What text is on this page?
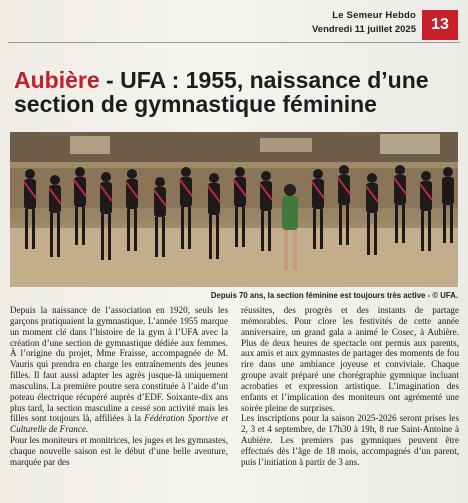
Le Semeur Hebdo
Vendredi 11 juillet 2025 13
Aubière - UFA : 1955, naissance d’une section de gymnastique féminine
Depuis 70 ans, la section féminine est toujours très active - © UFA.

Depuis la naissance de l’association en 1920, seuls les garçons pratiquaient la gymnastique. L’année 1955 marque un moment clé dans l’histoire de la gym à l’UFA avec la création d’une section de gymnastique dédiée aux femmes. À l’origine du projet, Mme Fraisse, accompagnée de M. Vauris qui prendra en charge les entraînements des jeunes filles. Il faut aussi adapter les agrès jusque-là uniquement masculins. La première poutre sera constituée à l’aide d’un poteau électrique récupéré auprès d’EDF. Soixante-dix ans plus tard, la section masculine a cessé son activité mais les filles sont toujours là, affiliées à la Fédération Sportive et Culturelle de France.

Pour les moniteurs et monitrices, les juges et les gymnastes, chaque nouvelle saison est le début d’une belle aventure, marquée par des

réussites, des progrès et des instants de partage mémorables. Pour clore les festivités de cette année anniversaire, un grand gala a animé le Cosec, à Aubière. Plus de deux heures de spectacle ont permis aux parents, aux amis et aux gymnastes de partager des moments de fou rire dans une ambiance joyeuse et conviviale. Chaque groupe avait préparé une chorégraphie gymnique incluant acrobaties et expression artistique. L’imagination des enfants et l’implication des moniteurs ont agrémenté une soirée pleine de surprises.

Les inscriptions pour la saison 2025-2026 seront prises les 2, 3 et 4 septembre, de 17h30 à 19h, 8 rue Saint-Antoine à Aubière. Les premiers pas gymniques peuvent être effectués dès l’âge de 18 mois, accompagnés d’un parent, puis l’initiation à partir de 3 ans.
